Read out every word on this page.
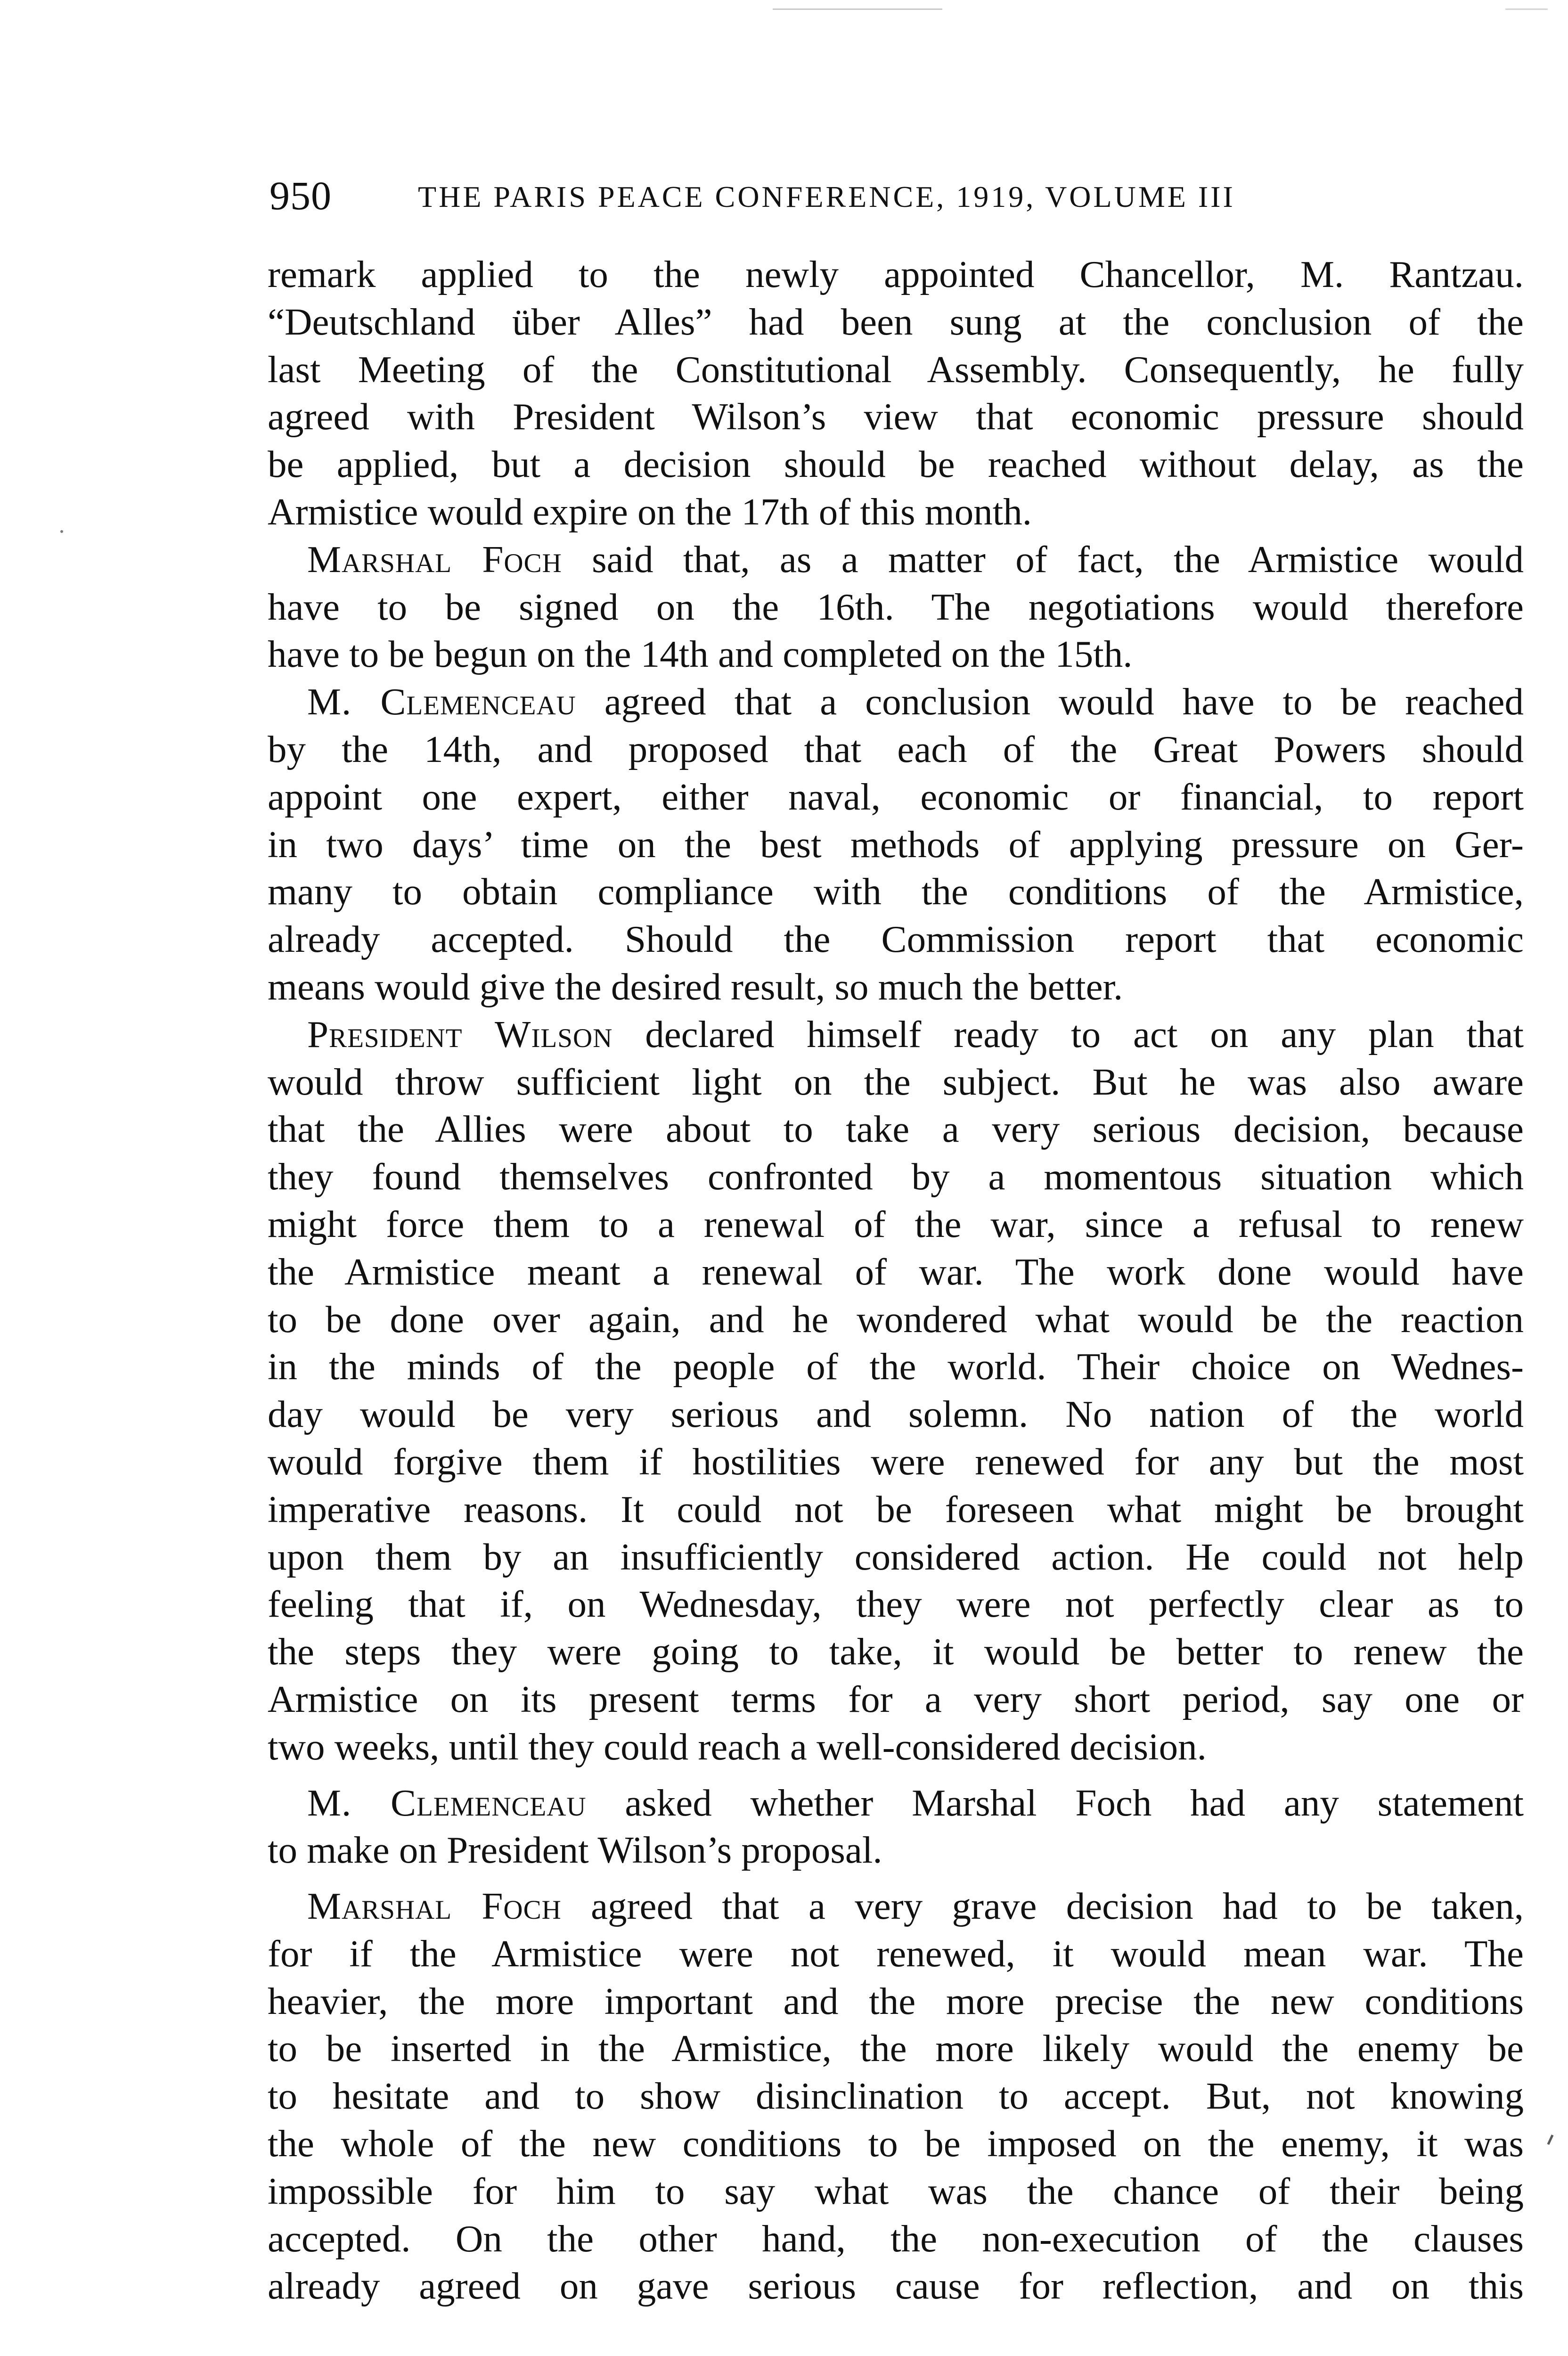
950	THE PARIS PEACE CONFERENCE, 1919, VOLUME III
remark applied to the newly appointed Chancellor, M. Rantzau.
“Deutschland über Alles” had been sung at the conclusion of the
last Meeting of the Constitutional Assembly. Consequently, he fully
agreed with President Wilson’s view that economic pressure should
be applied, but a decision should be reached without delay, as the
Armistice would expire on the 17th of this month.
Marshal Foch said that, as a matter of fact, the Armistice would
have to be signed on the 16th. The negotiations would therefore
have to be begun on the 14th and completed on the 15th.
M. Clemenceau agreed that a conclusion would have to be reached
by the 14th, and proposed that each of the Great Powers should
appoint one expert, either naval, economic or financial, to report
in two days’ time on the best methods of applying pressure on Ger-
many to obtain compliance with the conditions of the Armistice,
already accepted. Should the Commission report that economic
means would give the desired result, so much the better.
President Wilson declared himself ready to act on any plan that
would throw sufficient light on the subject. But he was also aware
that the Allies were about to take a very serious decision, because
they found themselves confronted by a momentous situation which
might force them to a renewal of the war, since a refusal to renew
the Armistice meant a renewal of war. The work done would have
to be done over again, and he wondered what would be the reaction
in the minds of the people of the world. Their choice on Wednes-
day would be very serious and solemn. No nation of the world
would forgive them if hostilities were renewed for any but the most
imperative reasons. It could not be foreseen what might be brought
upon them by an insufficiently considered action. He could not help
feeling that if, on Wednesday, they were not perfectly clear as to
the steps they were going to take, it would be better to renew the
Armistice on its present terms for a very short period, say one or
two weeks, until they could reach a well-considered decision.
M. Clemenceau asked whether Marshal Foch had any statement
to make on President Wilson’s proposal.
Marshal Foch agreed that a very grave decision had to be taken,
for if the Armistice were not renewed, it would mean war. The
heavier, the more important and the more precise the new conditions
to be inserted in the Armistice, the more likely would the enemy be
to hesitate and to show disinclination to accept. But, not knowing
the whole of the new conditions to be imposed on the enemy, it was
impossible for him to say what was the chance of their being
accepted. On the other hand, the non-execution of the clauses
already agreed on gave serious cause for reflection, and on this
